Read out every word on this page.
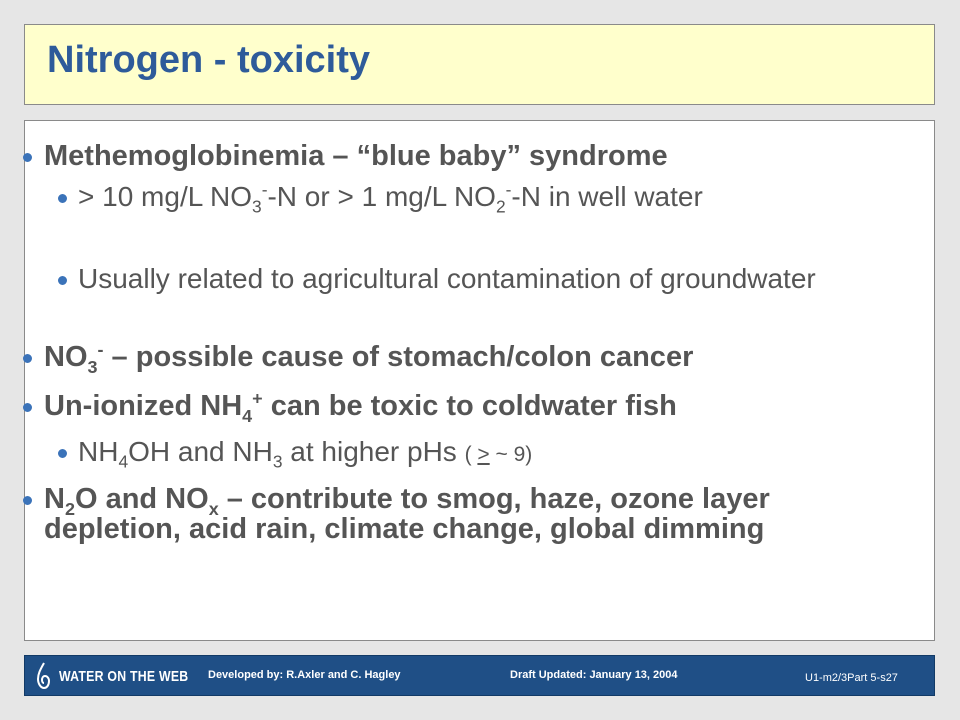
Nitrogen - toxicity
Methemoglobinemia – “blue baby” syndrome
> 10 mg/L $NO_3^--N$ or > 1 mg/L $NO_2^--N$ in well water
Usually related to agricultural contamination of groundwater
$NO_3^-$ – possible cause of stomach/colon cancer
Un-ionized $NH_4^+$ can be toxic to coldwater fish
$NH_4OH$ and $NH_3$ at higher pHs ( > ~ 9)
$N_2O$ and $NO_x$ – contribute to smog, haze, ozone layer depletion, acid rain, climate change, global dimming
WATER ON THE WEB Developed by: R.Axler and C. Hagley	Draft Updated: January 13, 2004	U1-m2/3Part 5-s27
